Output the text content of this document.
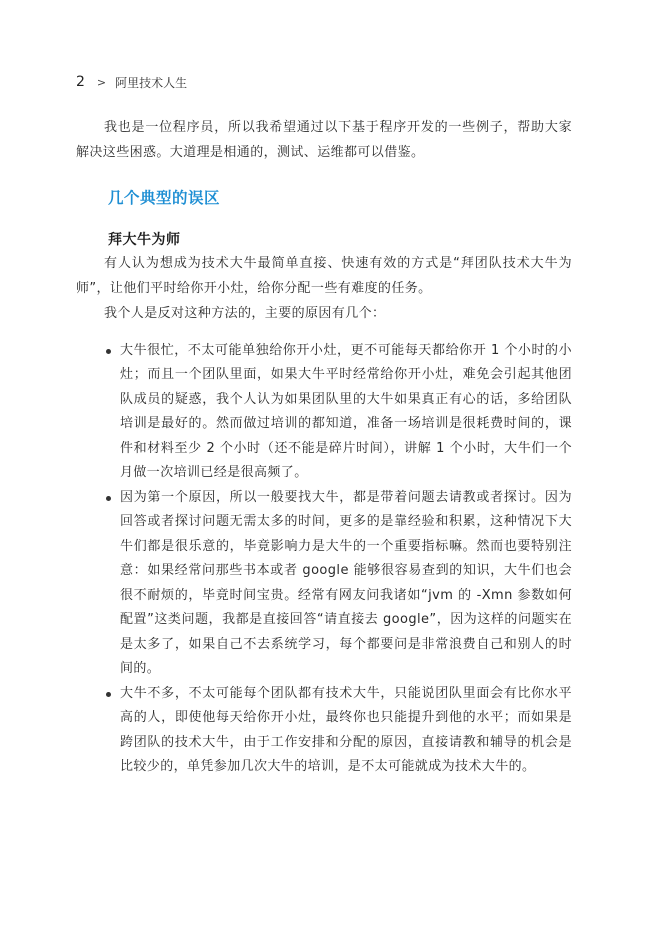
2 > 阿里技术人生

我也是一位程序员，所以我希望通过以下基于程序开发的一些例子，帮助大家解决这些困惑。大道理是相通的，测试、运维都可以借鉴。

几个典型的误区
拜大牛为师

有人认为想成为技术大牛最简单直接、快速有效的方式是“拜团队技术大牛为师”，让他们平时给你开小灶，给你分配一些有难度的任务。

我个人是反对这种方法的，主要的原因有几个：

大牛很忙，不太可能单独给你开小灶，更不可能每天都给你开 1 个小时的小灶；而且一个团队里面，如果大牛平时经常给你开小灶，难免会引起其他团队成员的疑惑，我个人认为如果团队里的大牛如果真正有心的话，多给团队培训是最好的。然而做过培训的都知道，准备一场培训是很耗费时间的，课件和材料至少 2 个小时（还不能是碎片时间），讲解 1 个小时，大牛们一个月做一次培训已经是很高频了。
因为第一个原因，所以一般要找大牛，都是带着问题去请教或者探讨。因为回答或者探讨问题无需太多的时间，更多的是靠经验和积累，这种情况下大牛们都是很乐意的，毕竟影响力是大牛的一个重要指标嘛。然而也要特别注意：如果经常问那些书本或者 google 能够很容易查到的知识，大牛们也会很不耐烦的，毕竟时间宝贵。经常有网友问我诸如“jvm 的 -Xmn 参数如何配置”这类问题，我都是直接回答“请直接去 google”，因为这样的问题实在是太多了，如果自己不去系统学习，每个都要问是非常浪费自己和别人的时间的。
大牛不多，不太可能每个团队都有技术大牛，只能说团队里面会有比你水平高的人，即使他每天给你开小灶，最终你也只能提升到他的水平；而如果是跨团队的技术大牛，由于工作安排和分配的原因，直接请教和辅导的机会是比较少的，单凭参加几次大牛的培训，是不太可能就成为技术大牛的。
